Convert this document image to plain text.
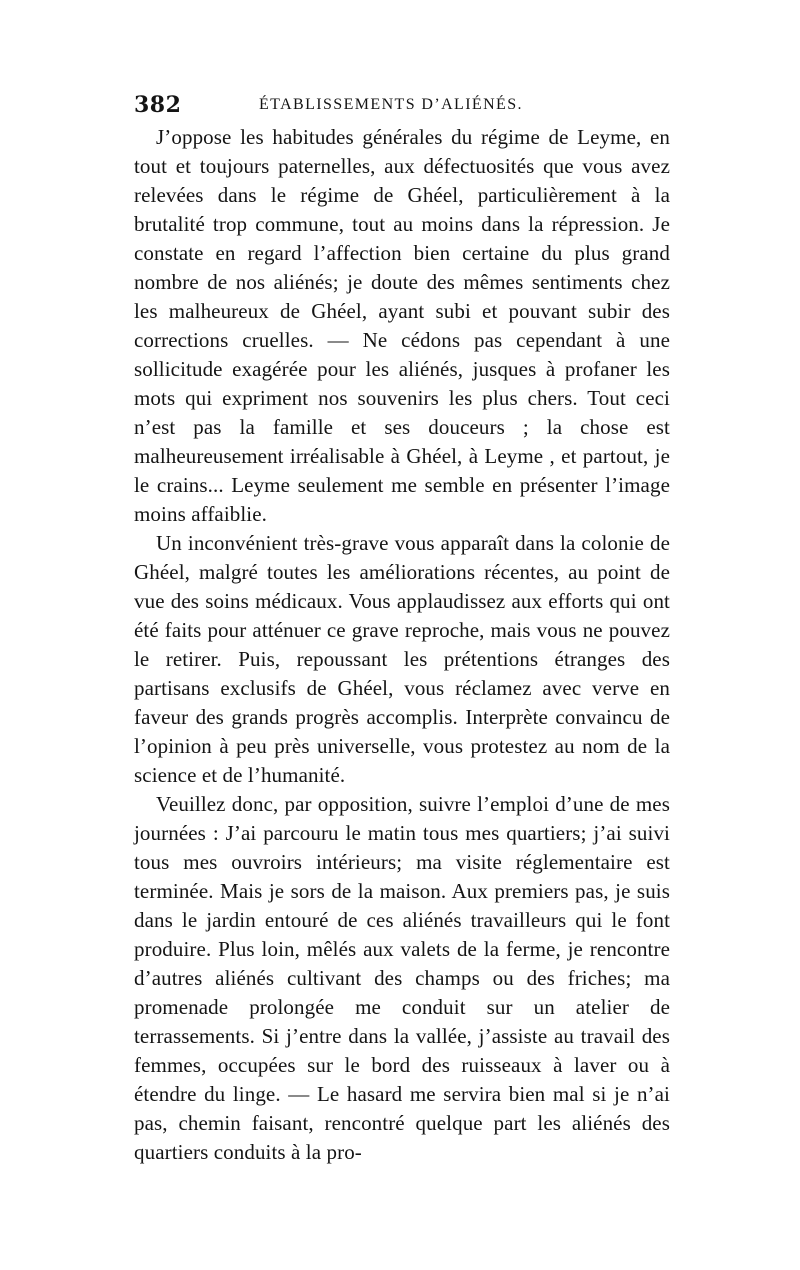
382	ÉTABLISSEMENTS D’ALIÉNÉS.

J’oppose les habitudes générales du régime de Leyme, en tout et toujours paternelles, aux défectuosités que vous avez relevées dans le régime de Ghéel, particulièrement à la brutalité trop commune, tout au moins dans la répression. Je constate en regard l’affection bien certaine du plus grand nombre de nos aliénés; je doute des mêmes sentiments chez les malheureux de Ghéel, ayant subi et pouvant subir des corrections cruelles. — Ne cédons pas cependant à une sollicitude exagérée pour les aliénés, jusques à profaner les mots qui expriment nos souvenirs les plus chers. Tout ceci n’est pas la famille et ses douceurs ; la chose est malheureusement irréalisable à Ghéel, à Leyme , et partout, je le crains... Leyme seulement me semble en présenter l’image moins affaiblie.

Un inconvénient très-grave vous apparaît dans la colonie de Ghéel, malgré toutes les améliorations récentes, au point de vue des soins médicaux. Vous applaudissez aux efforts qui ont été faits pour atténuer ce grave reproche, mais vous ne pouvez le retirer. Puis, repoussant les prétentions étranges des partisans exclusifs de Ghéel, vous réclamez avec verve en faveur des grands progrès accomplis. Interprète convaincu de l’opinion à peu près universelle, vous protestez au nom de la science et de l’humanité.

Veuillez donc, par opposition, suivre l’emploi d’une de mes journées : J’ai parcouru le matin tous mes quartiers; j’ai suivi tous mes ouvroirs intérieurs; ma visite réglementaire est terminée. Mais je sors de la maison. Aux premiers pas, je suis dans le jardin entouré de ces aliénés travailleurs qui le font produire. Plus loin, mêlés aux valets de la ferme, je rencontre d’autres aliénés cultivant des champs ou des friches; ma promenade prolongée me conduit sur un atelier de terrassements. Si j’entre dans la vallée, j’assiste au travail des femmes, occupées sur le bord des ruisseaux à laver ou à étendre du linge. — Le hasard me servira bien mal si je n’ai pas, chemin faisant, rencontré quelque part les aliénés des quartiers conduits à la pro-
